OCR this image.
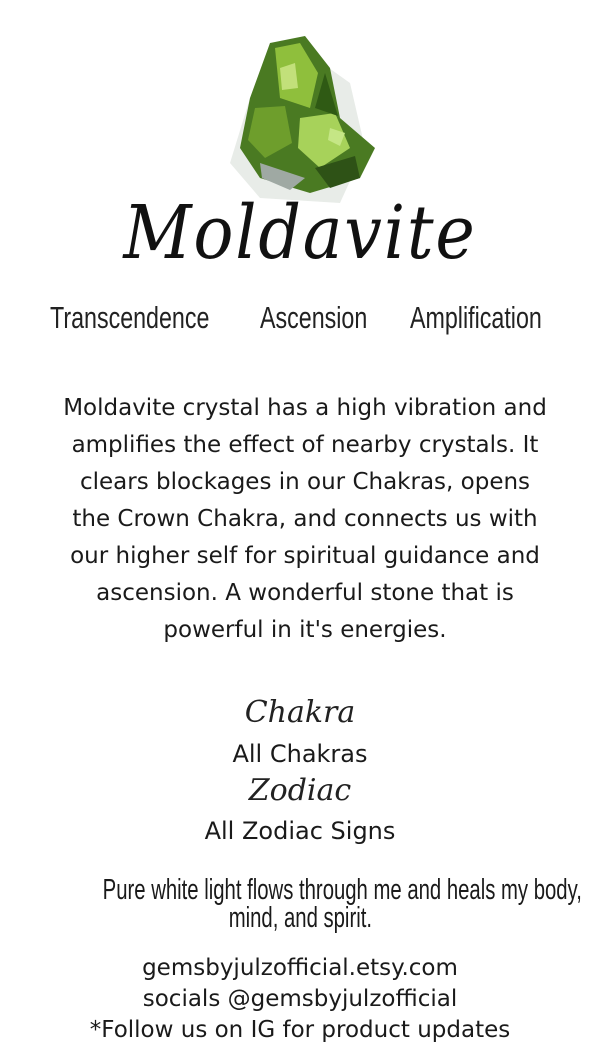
Moldavite
Transcendence Ascension Amplification
Moldavite crystal has a high vibration and amplifies the effect of nearby crystals. It clears blockages in our Chakras, opens the Crown Chakra, and connects us with our higher self for spiritual guidance and ascension. A wonderful stone that is powerful in it's energies.
Chakra
All Chakras
Zodiac
All Zodiac Signs
Pure white light flows through me and heals my body,
mind, and spirit.
gemsbyjulzofficial.etsy.com
socials @gemsbyjulzofficial
*Follow us on IG for product updates
